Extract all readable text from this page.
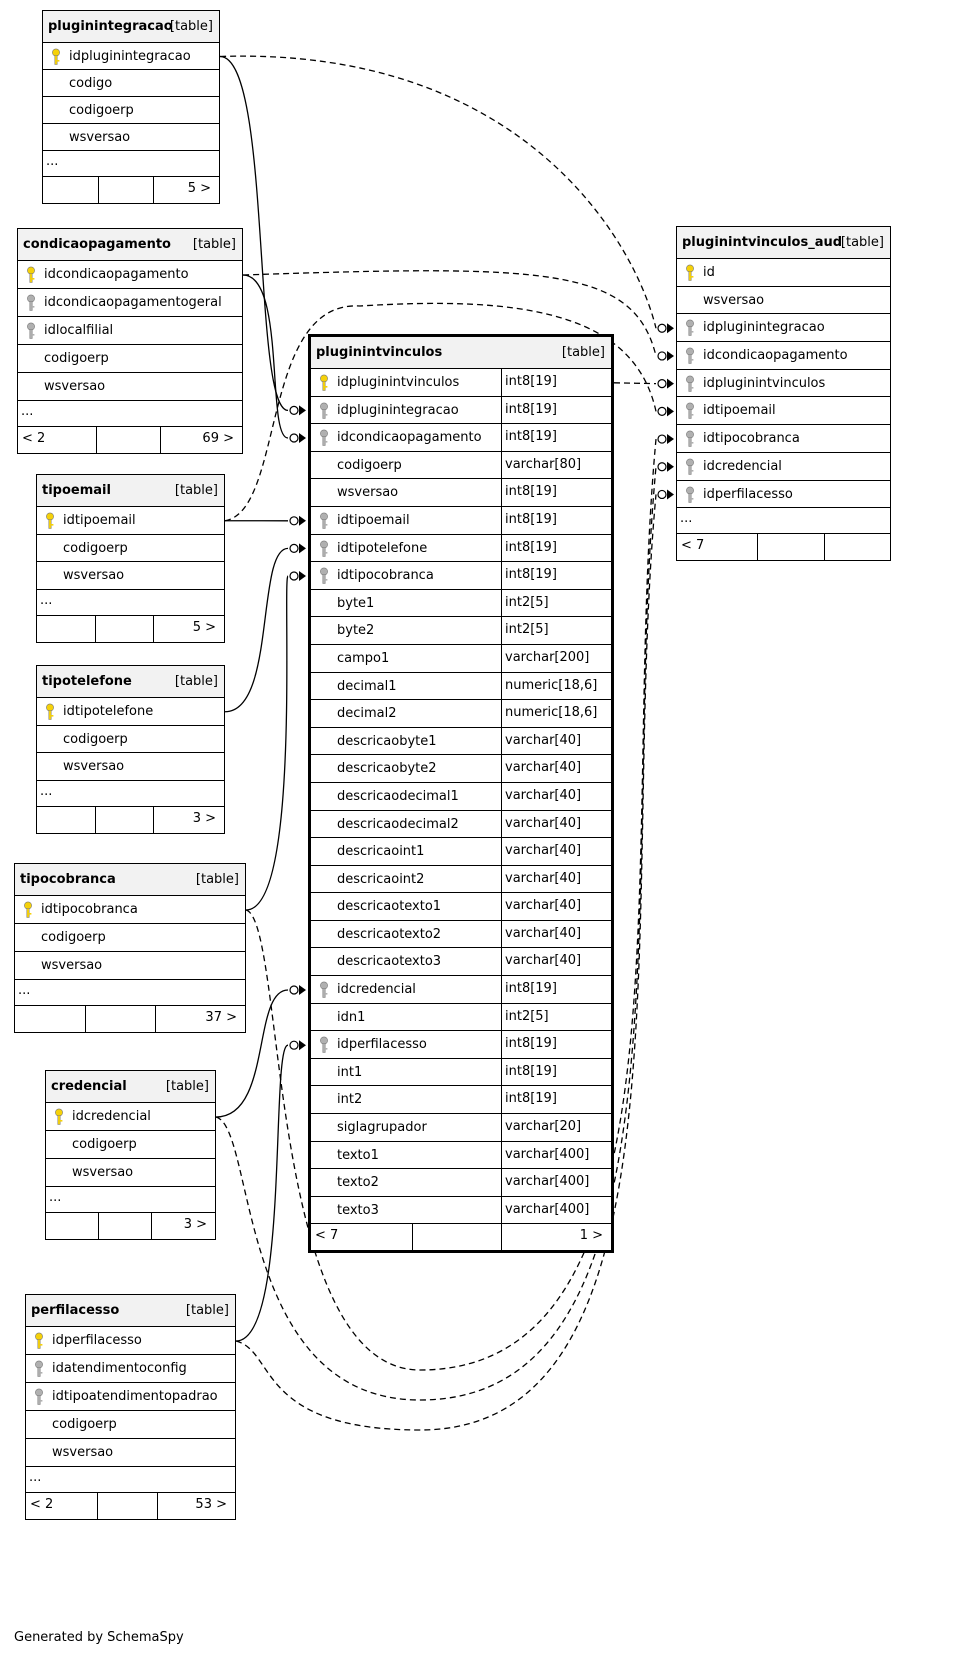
pluginintegracao
[table]
idpluginintegracao
codigo
codigoerp
wsversao
...
5 >
condicaopagamento [table]
idcondicaopagamento
idcondicaopagamentogeral
idlocalfilial
codigoerp
wsversao
...
< 2	69 >
tipoemail	[table]
idtipoemail
codigoerp
wsversao
...
5 >
tipotelefone	[table]
idtipotelefone
codigoerp
wsversao
...
3 >
tipocobranca	[table]
idtipocobranca
codigoerp
wsversao
...
37 >
credencial	[table]
idcredencial
codigoerp
wsversao
...
3 >
perfilacesso	[table]
idperfilacesso
idatendimentoconfig
idtipoatendimentopadrao
codigoerp
wsversao
...
< 2	53 >
pluginintvinculos	[table]
idpluginintvinculos	int8[19]
idpluginintegracao	int8[19]
idcondicaopagamento	int8[19]
codigoerp	varchar[80]
wsversao	int8[19]
idtipoemail	int8[19]
idtipotelefone	int8[19]
idtipocobranca	int8[19]
byte1	int2[5]
byte2	int2[5]
campo1	varchar[200]
decimal1	numeric[18,6]
decimal2	numeric[18,6]
descricaobyte1	varchar[40]
descricaobyte2	varchar[40]
descricaodecimal1	varchar[40]
descricaodecimal2	varchar[40]
descricaoint1	varchar[40]
descricaoint2	varchar[40]
descricaotexto1	varchar[40]
descricaotexto2	varchar[40]
descricaotexto3	varchar[40]
idcredencial	int8[19]
idn1	int2[5]
idperfilacesso	int8[19]
int1	int8[19]
int2	int8[19]
siglagrupador	varchar[20]
texto1	varchar[400]
texto2	varchar[400]
texto3	varchar[400]
< 7	1 >
pluginintvinculos_aud
[table]
id
wsversao
idpluginintegracao
idcondicaopagamento
idpluginintvinculos
idtipoemail
idtipocobranca
idcredencial
idperfilacesso
...
< 7
Generated by SchemaSpy
